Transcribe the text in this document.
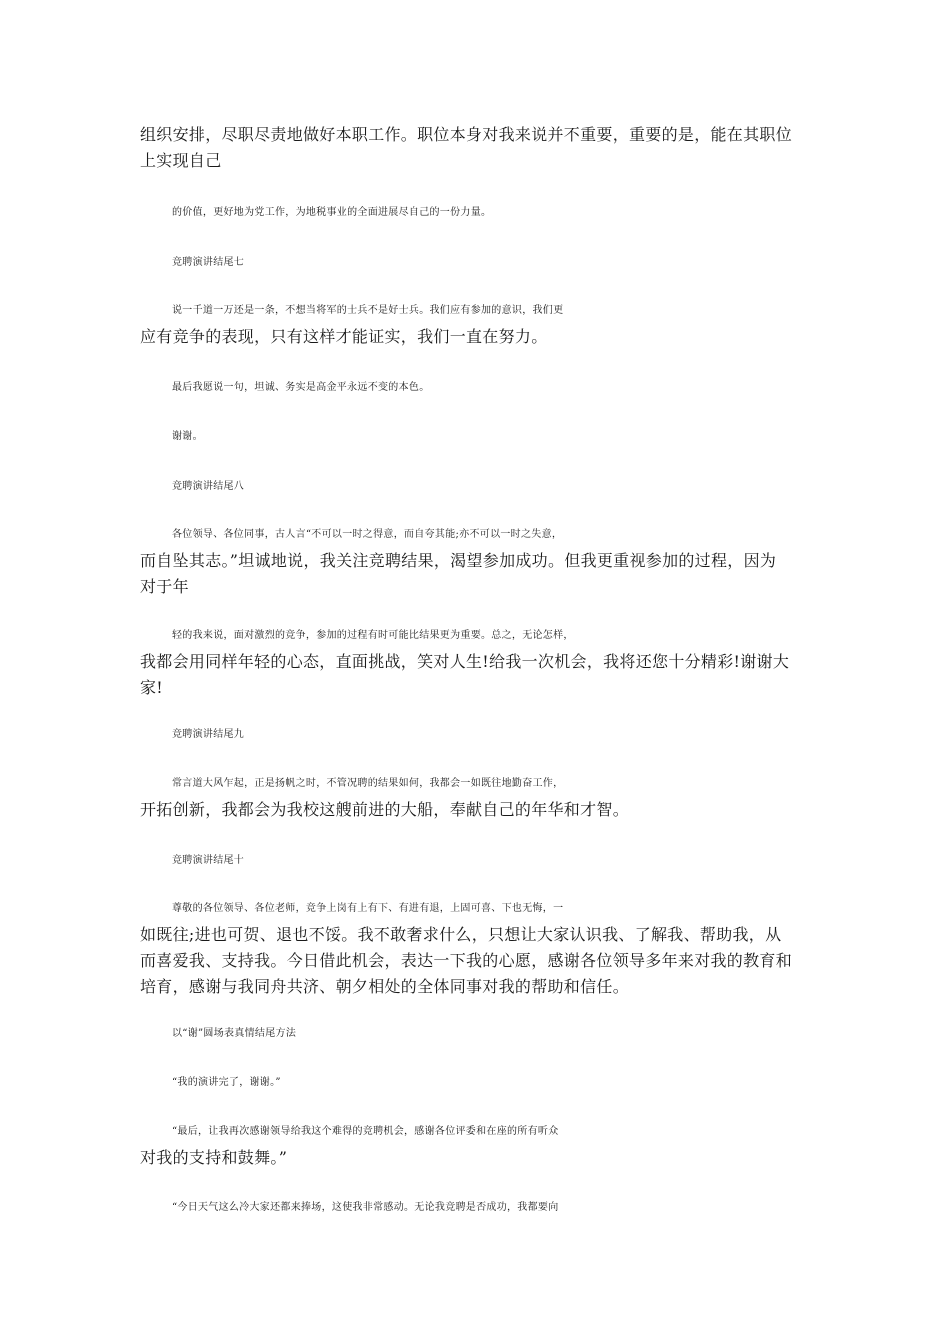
组织安排，尽职尽责地做好本职工作。职位本身对我来说并不重要，重要的是，能在其职位
上实现自己
的价值，更好地为党工作，为地税事业的全面进展尽自己的一份力量。
竞聘演讲结尾七
说一千道一万还是一条，不想当将军的士兵不是好士兵。我们应有参加的意识，我们更
应有竞争的表现，只有这样才能证实，我们一直在努力。
最后我愿说一句，坦诚、务实是高金平永远不变的本色。
谢谢。
竞聘演讲结尾八
各位领导、各位同事，古人言“不可以一时之得意，而自夸其能;亦不可以一时之失意，
而自坠其志。”坦诚地说，我关注竞聘结果，渴望参加成功。但我更重视参加的过程，因为
对于年
轻的我来说，面对激烈的竞争，参加的过程有时可能比结果更为重要。总之，无论怎样，
我都会用同样年轻的心态，直面挑战，笑对人生!给我一次机会，我将还您十分精彩!谢谢大
家!
竞聘演讲结尾九
常言道大风乍起，正是扬帆之时，不管况聘的结果如何，我都会一如既往地勤奋工作，
开拓创新，我都会为我校这艘前进的大船，奉献自己的年华和才智。
竞聘演讲结尾十
尊敬的各位领导、各位老师，竞争上岗有上有下、有进有退，上固可喜、下也无悔，一
如既往;进也可贺、退也不馁。我不敢奢求什么，只想让大家认识我、了解我、帮助我，从
而喜爱我、支持我。今日借此机会，表达一下我的心愿，感谢各位领导多年来对我的教育和
培育，感谢与我同舟共济、朝夕相处的全体同事对我的帮助和信任。
以“谢”圆场表真情结尾方法
“我的演讲完了，谢谢。”
“最后，让我再次感谢领导给我这个难得的竞聘机会，感谢各位评委和在座的所有听众
对我的支持和鼓舞。”
“今日天气这么冷大家还都来捧场，这使我非常感动。无论我竞聘是否成功，我都要向
